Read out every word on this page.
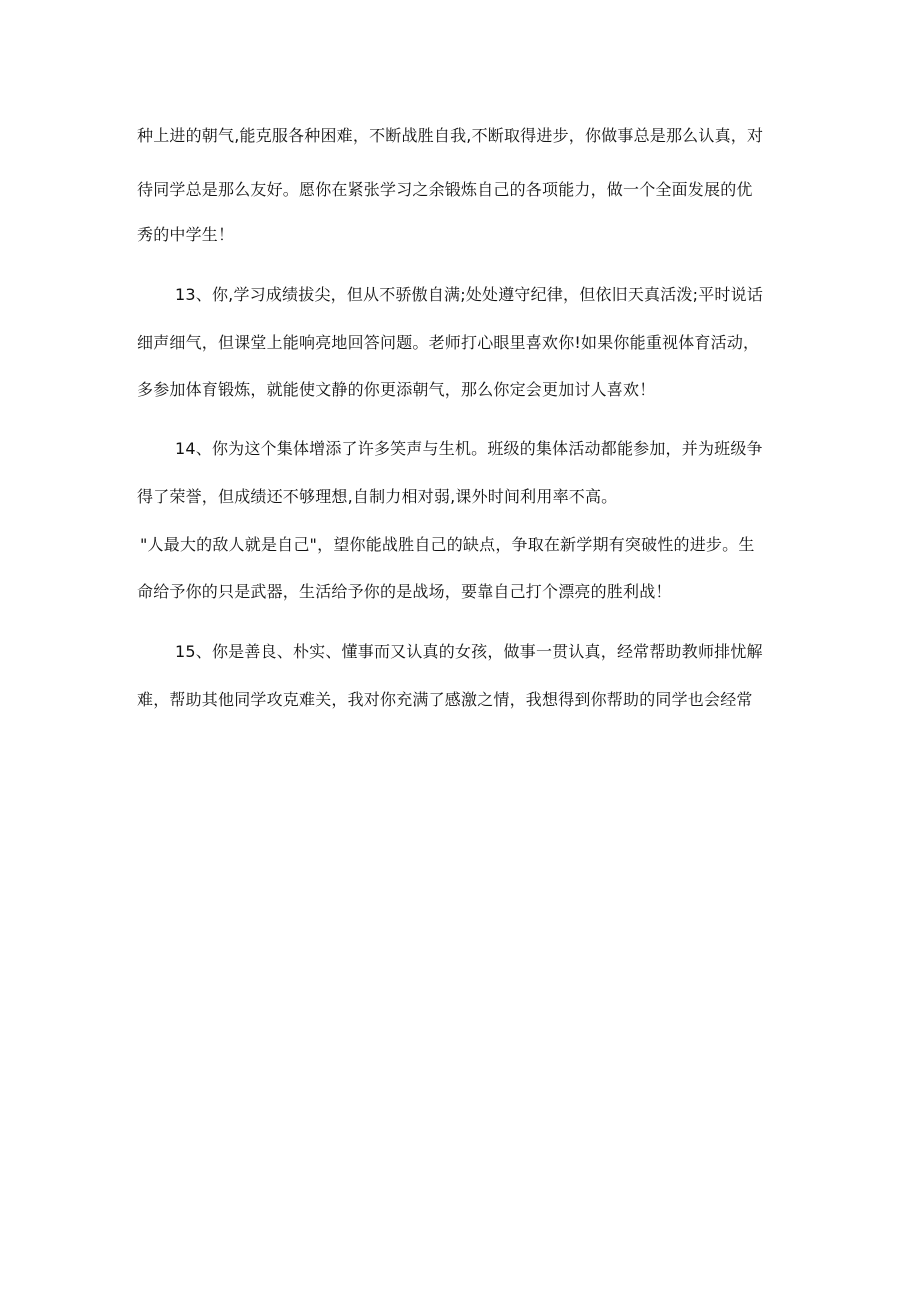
种上进的朝气,能克服各种困难，不断战胜自我,不断取得进步，你做事总是那么认真，对
待同学总是那么友好。愿你在紧张学习之余锻炼自己的各项能力，做一个全面发展的优
秀的中学生！
13、你,学习成绩拔尖，但从不骄傲自满;处处遵守纪律，但依旧天真活泼;平时说话
细声细气，但课堂上能响亮地回答问题。老师打心眼里喜欢你!如果你能重视体育活动，
多参加体育锻炼，就能使文静的你更添朝气，那么你定会更加讨人喜欢！
14、你为这个集体增添了许多笑声与生机。班级的集体活动都能参加，并为班级争
得了荣誉，但成绩还不够理想,自制力相对弱,课外时间利用率不高。
"人最大的敌人就是自己"，望你能战胜自己的缺点，争取在新学期有突破性的进步。生
命给予你的只是武器，生活给予你的是战场，要靠自己打个漂亮的胜利战！
15、你是善良、朴实、懂事而又认真的女孩，做事一贯认真，经常帮助教师排忧解
难，帮助其他同学攻克难关，我对你充满了感激之情，我想得到你帮助的同学也会经常
